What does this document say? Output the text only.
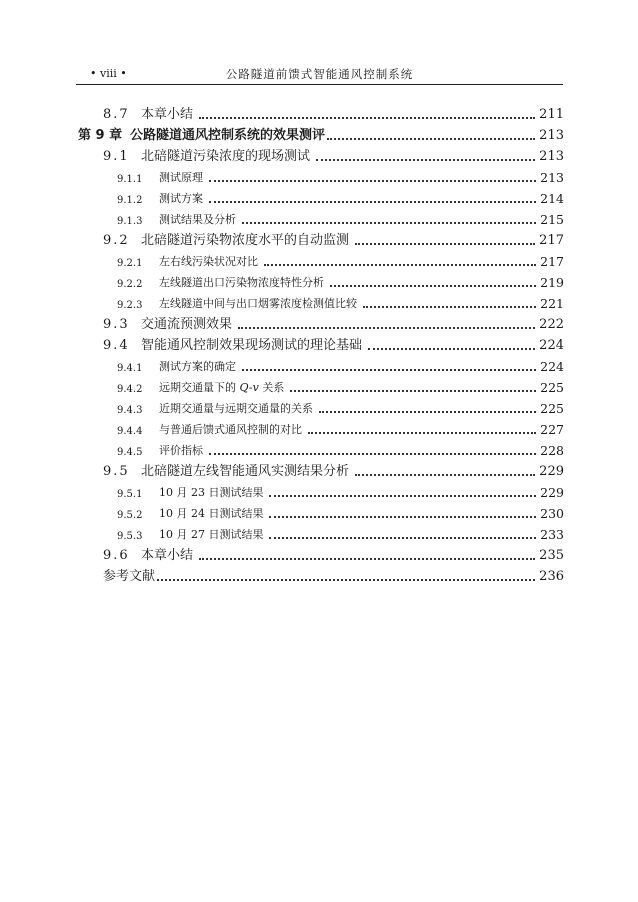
• viii •	公路隧道前馈式智能通风控制系统
8.7 本章小结	211
第 9 章 公路隧道通风控制系统的效果测评	213
9.1 北碚隧道污染浓度的现场测试	213
9.1.1	测试原理	213
9.1.2	测试方案	214
9.1.3	测试结果及分析	215
9.2 北碚隧道污染物浓度水平的自动监测	217
9.2.1	左右线污染状况对比	217
9.2.2	左线隧道出口污染物浓度特性分析	219
9.2.3	左线隧道中间与出口烟雾浓度检测值比较	221
9.3 交通流预测效果	222
9.4 智能通风控制效果现场测试的理论基础	224
9.4.1	测试方案的确定	224
9.4.2	远期交通量下的 Q-v 关系	225
9.4.3	近期交通量与远期交通量的关系	225
9.4.4	与普通后馈式通风控制的对比	227
9.4.5	评价指标	228
9.5 北碚隧道左线智能通风实测结果分析	229
9.5.1	10 月 23 日测试结果	229
9.5.2	10 月 24 日测试结果	230
9.5.3	10 月 27 日测试结果	233
9.6 本章小结	235
参考文献	236
